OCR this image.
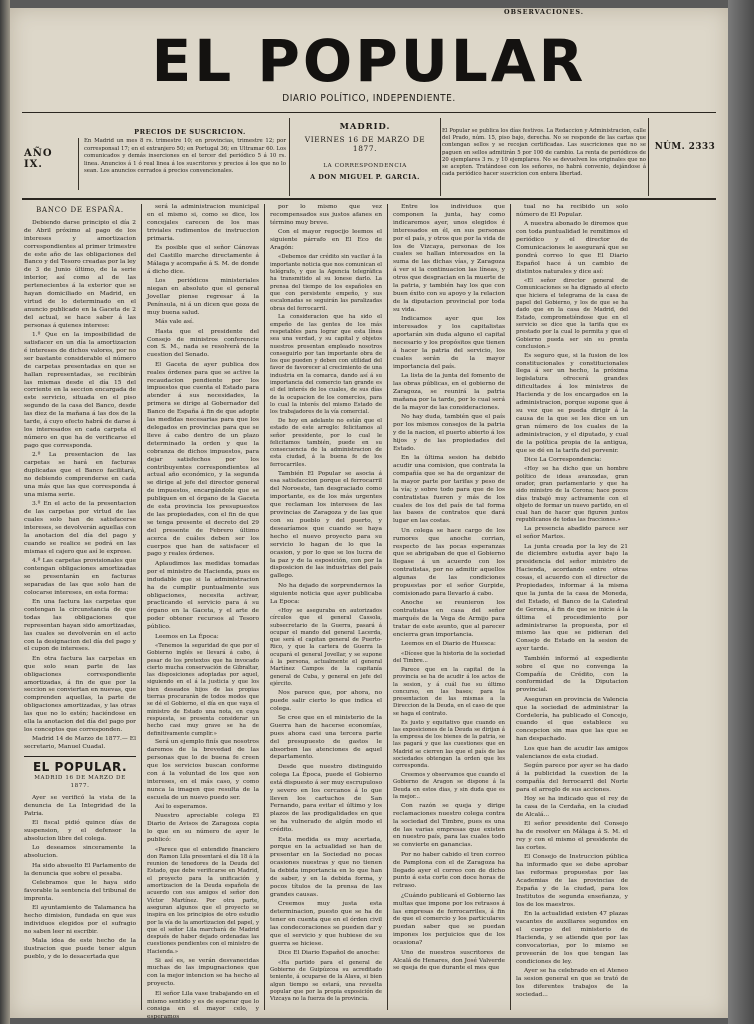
EL POPULAR
DIARIO POLÍTICO, INDEPENDIENTE.
PRECIOS DE SUSCRICION.
AÑO IX.
En Madrid un mes 8 rs. trimestre 10; en provincias, trimestre 12; por corresponsal 17; en el extranjero 50; en Portugal 36; en Ultramar 60. Los comunicados y demás inserciones en el tercer del periódico 5 á 10 rs. linea. Anuncios á 1 ó real linea á los suscritores y precios á los que no lo sean. Los anuncios cerrados á precios convencionales.
MADRID.
VIERNES 16 DE MARZO DE 1877.
LA CORRESPONDENCIA
A DON MIGUEL P. GARCIA.
OBSERVACIONES.
El Popular se publica los días festivos. La Redaccion y Administracion, calle del Prado, núm. 15, piso bajo, derecha. No se responde de las cartas que contengan sellos y se recojan certificadas. Las suscriciones que no se paguen en sellos admitirán 5 por 100 de cambio. La renta de periódicos de 20 ejemplares 3 rs. y 10 ejemplares. No se devuelven los originales que no se acepten. Tratándose con los señores, no habrá convenio, dejándose á cada periódico hacer suscricion con entera libertad.
NÚM. 2333
BANCO DE ESPAÑA.

Debiendo darse principio el día 2 de Abril próximo al pago de los intereses y amortizacion correspondientes al primer trimestre de este año de las obligaciones del Banco y del Tesoro creadas por la ley de 3 de Junio último, de la serie interior, así como al de las pertenecientes á la exterior que se hayan domiciliado en Madrid, en virtud de lo determinado en el anuncio publicado en la Gaceta de 2 del actual, se hace saber á las personas á quienes interese:

1.º Que en la imposibilidad de satisfacer en un día la amortizacion é intereses de dichos valores, por no ser bastante considerable el número de carpetas presentadas en que se hallan representadas, se recibirán las mismas desde el día 15 del corriente en la seccion encargada de este servicio, situada en el piso segundo de la casa del Banco, desde las diez de la mañana á las dos de la tarde, á cuyo efecto habrá de darse á los interesados en cada carpeta el número en que ha de verificarse el pago que corresponda.

2.º La presentacion de las carpetas se hará en facturas duplicadas que el Banco facilitará, no debiendo comprenderse en cada una más que las que corresponda á una misma serie.

3.º En el acto de la presentacion de las carpetas por virtud de las cuales solo han de satisfacerse intereses, se devolverán aquellas con la anotacion del día del pago y cuando se realice se podrá en las mismas el cajero que así le exprese.

4.º Las carpetas provisionales que contengan obligaciones amortizadas se presentarán en facturas separadas de las que solo han de colocarse intereses, en esta forma:

En una factura las carpetas que contengan la circunstancia de que todas las obligaciones que representan hayan sido amortizadas, las cuales se devolverán en el acto con la designacion del día del pago y el cupon de intereses.

En otra factura las carpetas en que solo sean parte de las obligaciones correspondiente amortizadas, á fin de que por la seccion se conviertan en nuevas, que comprenden aquellas, la parte de obligaciones amortizadas, y las otras las que no lo estén; haciéndose en ella la anotacion del día del pago por los conceptos que corresponden.

Madrid 14 de Marzo de 1877.— El secretario, Manuel Cuadal.

EL POPULAR.

MADRID 16 DE MARZO DE 1877.

Ayer se verificó la vista de la denuncia de La Integridad de la Patria.

El fiscal pidió quince días de suspension, y el defensor la absolucion libre del colega.

Lo deseamos sinceramente la absolucion.

Ha sido absuelto El Parlamento de la denuncia que sobre el pesaba.

Celebramos que le haya sido favorable la sentencia del tribunal de imprenta.

El ayuntamiento de Talamanca ha hecho dimision, fundada en que sus individuos elegidos por el sufragio no saben leer ni escribir.

Mala idea de este hecho de la ilustracion que puede tener algun pueblo, y de lo desacertada que

será la administracion municipal en el mismo si, como se dice, los concejales carecen de los mas triviales rudimentos de instruccion primaria.

Es posible que el señor Cánovas del Castillo marche directamente á Málaga y acompañe á S. M. de donde á dicho dice.

Los periódicos ministeriales niegan en absoluto que el general Jovellar piense regresar á la Península, ni á un dicen que goza de muy buena salud.

Más vale así.

Hasta que el presidente del Consejo de ministros conferencie con S. M., nada se resolverá de la cuestion del Senado.

El Gaceta de ayer publica dos reales órdenes para que se active la recaudacion pendiente por los impuestos que cuenta el Estado para atender á sus necesidades, la primera se dirige al Gobernador del Banco de España á fin de que adopte las medidas necesarias para que los delegados en provincias para que se lleve á cabo dentro de un plazo determinado la orden y que la cobranza de dichos impuestos, para dejar satisfechos por los contribuyentes correspondientes al actual año económico, y la segunda se dirige al jefe del director general de impuestos, encargándole que se publiquen en el órgano de la Gaceta de esta provincia los presupuestos de las propiedades, con el fin de que se tenga presente el decreto del 29 del presente de Febrero último acerca de cuáles deben ser los cuerpos que han de satisfacer el pago y reales órdenes.

Aplaudimos las medidas tomadas por el ministro de Hacienda, pues es indudable que si la administracion ha de cumplir puntualmente sus obligaciones, necesita activar, practicando el servicio para á su órgano en la Gaceta, y el arte de poder obtener recursos al Tesoro público.

Leemos en La Época:

«Tenemos la seguridad de que por el Gobierno inglés se llevará á cabo, á pesar de los pretextos que ha invocado cierto mucha conservación de Gibraltar, las disposiciones adoptadas por aquel, siguiendo en el á la justicia y que los bien deseados hijos de las propias tierras procurarán de todos modos que se dé el Gobierno, el día en que vaya el ministro de Estado una nota, en cuya respuesta, se presenta considerar un hecho casi muy grave se ha de definitivamente cumplir.»

Será un ejemplo finís que nosotros daremos de la brevedad de las personas que lo de buena fe creen que los servicios buscan conforme con á la voluntad de los que son intereses, en el más caso, y como nunca la imagen que resulta de la escuela de un nuevo puedo ser.

Así lo esperamos.

Nuestro apreciable colega El Diario de Avisos de Zaragoza copia lo que en su número de ayer le publicó:

«Parece que el entendido financiero don Ramon Lila presentará el día 18 á la reunion de tenedores de la Deuda del Estado, que debe verificarse en Madrid, el proyecto para la unificación y amortizacion de la Deuda española de acuerdo con sus amigos el señor don Víctor Martínez. Por otra parte, aseguran algunos que el proyecto se inspira en los principios de otro estudio por la vía de la amortizacion del papel, y que el señor Lila marchará de Madrid después de haber dejado ordenadas las cuestiones pendientes con el ministro de Hacienda.»

Si así es, se verán desvanecidas muchas de las impugnaciones que con la mejor intencion se ha hecho al proyecto.

El señor Lila vase trabajando en el mismo sentido y es de esperar que lo consiga en el mayor celo, y esperamos

por lo mismo que vez recompensados sus justos afanes en término muy breve.

Con el mayor regocijo leemos el siguiente párrafo en El Eco de Aragón:

«Debemos dar crédito sin vacilar á la importante noticia que nos comunican el telégrafo, y que la Agencia telegráfica ha transmitido al su lonese darlo. La prensa del tiempo de los españoles en que con persistente empeño, y sus escalonadas se seguirán las paralizadas obras del ferrocarril.

La consideracion que ha sido el empeño de las gentes de los más respetables para lograr que esta línea sea una verdad, y su capital y objetos nuestros presentan empleado nosotros conseguirlo por tan importante obra de los que pueden y deben con utilidad del favor de favorecer al crecimiento de una industria en la comarca, dando así á su importancia del comercio tan grande es el del interés de los cuales, de sus días de la ocupacion de los comercios, para lo cual la interés del mismo Estado de los trabajadores de la vía comercial.

De hoy en adelante no están que el estado de este arreglo: felicitamos al señor presidente, por lo cual le felicitamos también, puede en su consecuencia de la administracion de esta ciudad, á la buena fe de los ferrocarriles.

También El Popular se asocia á esa satisfaccion porque el ferrocarril del Noroeste, tan desgraciado como importante, es de los más urgentes que reclaman los intereses de las provincias de Zaragoza y de las que con su pueblo y del puerto, y desearíamos que cuando se haya hecho el nuevo proyecto para su servicio lo hagan de lo que la ocasion, y por lo que se los lucra de la paz y de la esposición, con por la disposicion de las industrias del país gallego.

No ha dejado de sorprendernos la siguiente noticia que ayer publicaba La Epoca:

«Hoy se aseguraba en autorizados círculos que el general Cassola, subsecretario de la Guerra, pasará á ocupar el mando del general Lacerda, que será el capitan general de Puerto-Rico, y que la cartera de Guerra la ocupará el general Jovellar, y se supone á la persona, actualmente el general Martínez Campos de la capitanía general de Cuba, y general en jefe del ejército.

Nos parece que, por ahora, no puede salir cierto lo que indica el colega.

Se cree que en el ministerio de la Guerra han de hacerse economías, pues ahora casi una tercera parte del presupuesto de gastos le absorben las atenciones de aquel departamento.

Desde que nuestro distinguido colega La Época, puede el Gobierno está dispuesto á ser muy escrupuloso y severo en los cercanos á lo que lleven los cartuchos de San Fernando, para evitar el último y los plazos de las prodigalidades en que se ha vulnerado de algún modo el crédito.

Esta medida es muy acertada, porque en la actualidad se han de presentar en la Sociedad no pocas ocasiones nuestras y que no tienen la debida importancia en lo que han de saber, y en la debida forma, y pocos títulos de la prensa de las grandes causas.

Creemos muy justa esta determinacion, puesto que se ha de tener en cuenta que en el órden civil las condecoraciones se pueden dar y que el servicio y que hubiese de su guerra se hiciese.

Dice El Diario Español de anoche:

«Ha partido para el general de Gobierno de Guipúzcoa su acreditado teniente, á ocuparse de la Alava, si bien algun tiempo se estará, una revuelta popular que por la propia exposición de Vizcaya no la fuerza de la provincia.

Entre los individuos que componen la junta, hay como indicaremos ayer, unos elegidos é interesados en él, en sus personas por el país, y otros que por la vida de los de Vizcaya, personas de los cuales se hallan interesados en la suma de las dichas vías, y Zaragoza á ver si la continuacion las líneas, y otros que desgracian en la muerte de la patria, y también hay los que con buen éxito con su apoyo y la relacion de la diputacion provincial por toda su vida.

Indicamos ayer que los interesados y los capitalistas aportarán sin duda alguno el capital necesario y los propósitos que tienen á hacer la patria del servicio, los cuales serán de la mayor importancia del país.

La lista de la junta del fomento de las obras públicas, en el gobierno de Zaragoza, se reunirá la patria mañana por la tarde, por lo cual será de la mayor de las consideraciones.

No hay duda, también que el país por los mismos consejos de la patria y de la nacion, el puerto abierto á los hijos y de las propiedades del Estado.

En la última sesion ha debido acudir una comision, que contrata la compañía que se ha de organizar de la mayor parte por tarifas y peso de la vía; y sobre todo para que de los contratistas fueren y más de los cuales de los del país de tal forma las bases de contratos que dará lugar en las costas.

Un colega se hace cargo de los rumores que anoche corrian, respecto de las pocas esperanzas que se abrigaban de que el Gobierno llegase á un acuerdo con los contratistas, por no admitir aquellos algunas de las condiciones propuestas por el señor Gurpide, comisionado para llevarlo á cabo.

Anoche se reunieron los contratistas en casa del señor marqués de la Vega de Armijo para tratar de este asunto, que al parecer encierra gran importancia.

Leemos en el Diario de Huesca:

«Dícese que la historia de la sociedad del Timbre...

Parece que en la capital de la provincia se ha de acudir á los actos de la sesion, y á cuál fue su último concurso, en las bases; para la presentacion de las mismas a la Direccion de la Deuda, en el caso de que se haga el contrato.

Es justo y equitativo que cuando en las exposiciones de la Deuda se dirijan á la empresa de los bienes de la patria, se las pagará y que las cuestiones que en Madrid se cierren las que el país de las sociedades obtengan la orden que les corresponda.

Creemos y observamos que cuando el Gobierno de Aragon se dispone á la Deuda en estos dias, y sin duda que es la mejor...

Con razón se queja y dirige reclamaciones nuestro colega contra la sociedad del Timbre, pues es una de las varias empresas que existen en nuestro país, para las cuales todo se convierte en ganancias.

Por no haber cabido el tren correo de Pamplona con el de Zaragoza ha llegado ayer el correo con de dicho punto á esta corte con doce horas de retraso.

¿Cuándo publicará el Gobierno las multas que impone por los retrasos á las empresas de ferrocarriles, á fin de que el comercio y los particulares puedan saber que se puedan impones los perjuicios que de los ocasiona?

Uno de nuestros suscritores de Alcalá de Henares, don José Valverde se queja de que durante el mes que

tual no ha recibido un solo número de El Popular.

A nuestra abonado le diremos que con toda puntualidad le remitimos el periódico y el director de Comunicaciones le asegurará que se pondrá correo lo que El Diario Español hace á un cambio de distintos naturales y dice así:

«El señor director general de Comunicaciones se ha dignado al efecto que hiciera el telegrama de la casa de papel del Gobierno, y los de que se ha dado que en la casa de Madrid, del Estado, comprometiéndose que en el servicio se dice que la tarifa que es prestado por la cual lo permita y que el Gobierno pueda ser sin su pronta conclusion.»

Es seguro que, si la fusion de los constitucionales y constitucionales llega á ser un hecho, la próxima legislatura ofrecerá grandes dificultades á los ministros de Hacienda y de los encargados en la administracion, porque supone que á su vez que se pueda dirigir á la causa de la que se les dice en un gran número de los cuales de la administracion, y el diputado, y cual de la política propia de la antigua, que se dé en la tarifa del porvenir.

Dice La Correspondencia:

«Hoy se ha dicho que un hombre político de ideas avanzadas, gran orador, gran parlamentario y que ha sido ministro de la Corona; hace pocos días trabajó muy activamente con el objeto de formar un nuevo partido, en el cual han de hacer que figuren juntos republicanos de todas las fracciones.»

La presencia abadido parece ser el señor Martos.

La junta creada por la ley de 21 de diciembre estudia ayer bajo la presidencia del señor ministro de Hacienda, acordando entre otras cosas, el acuerdo con el director de Propiedades, informar á la misma que la junta de la casa de Moneda, del Estado, el Banco de la Catedral de Gerona, á fin de que se inicie á la última el procedimiento por administrarse la propuesta, por el mismo las que se pidieran del Consejo de Estado en la sesion de ayer tarde.

También informó al expediente sobre el que no convenga la Compañía de Crédito, con la conformidad de la Diputacion provincial.

Aseguran en provincia de Valencia que la sociedad de administrar la Cordelería, ha publicado el Concejo, cuando el que establece su concepcion sin mas que las que se han despachado.

Los que han de acudir las amigos valencianos de esta ciudad.

Según parece por ayer se ha dado á la publicidad la cuestion de la compañía del ferrocarril del Norte para el arreglo de sus acciones.

Hoy se ha indicado que el rey de la casa de la Cerdaña, en la ciudad de Alcalá...

El señor presidente del Consejo ha de resolver en Málaga á S. M. el rey y con el mismo el presidente de las cortes.

El Consejo de Instruccion pública ha informado que se debe aprobar las reformas propuestas por las Academias de las provincias de España y de la ciudad, para los Institutos de segunda enseñanza, y los de los maestros.

En la actualidad existen 47 plazas vacantes de auxiliares segundos en el cuerpo del ministerio de Hacienda, y se atiende que por las convocatorias, por lo mismo se proveerán de los que tengan las condiciones de ley.

Ayer se ha celebrado en el Ateneo la sesion general en que se trató de los diferentes trabajos de la sociedad...
